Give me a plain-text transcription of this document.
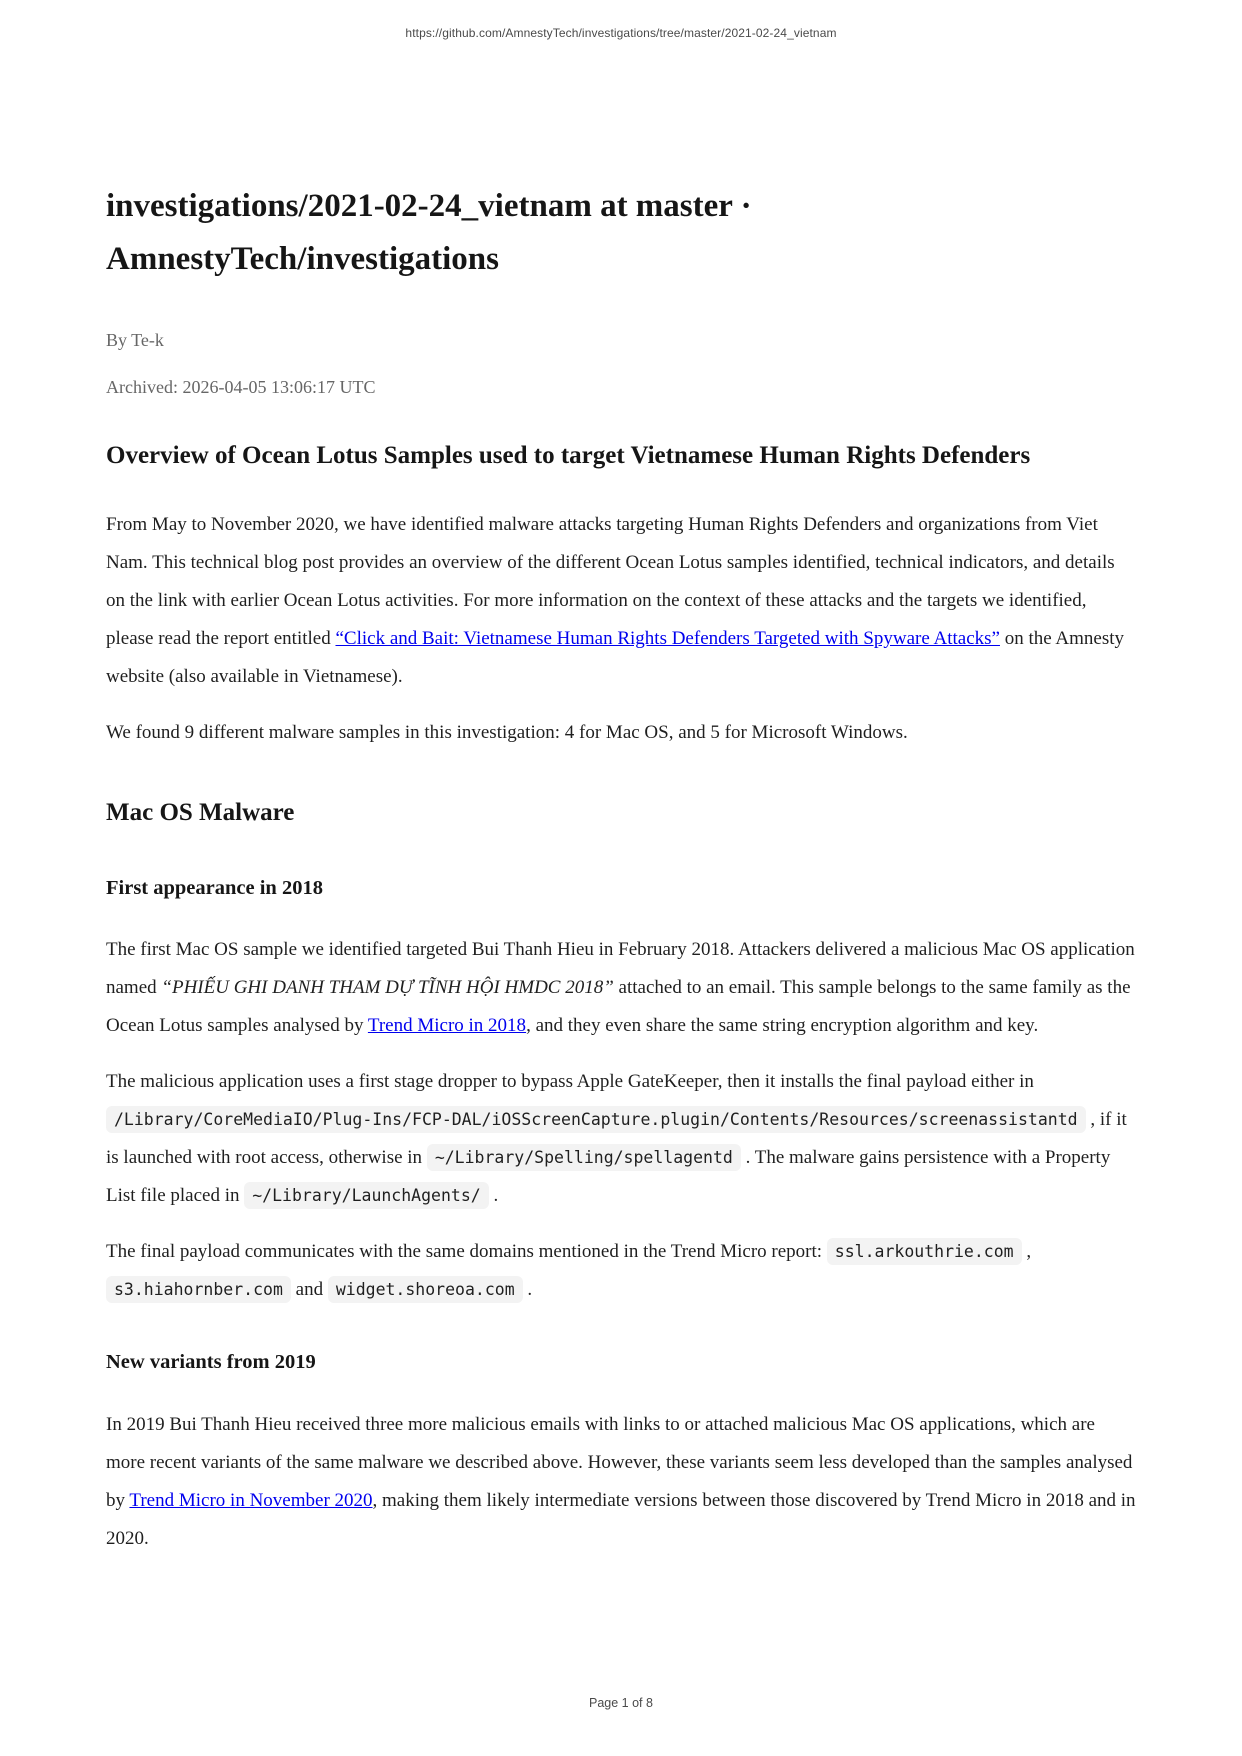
https://github.com/AmnestyTech/investigations/tree/master/2021-02-24_vietnam
investigations/2021-02-24_vietnam at master · AmnestyTech/investigations
By Te-k
Archived: 2026-04-05 13:06:17 UTC
Overview of Ocean Lotus Samples used to target Vietnamese Human Rights Defenders

From May to November 2020, we have identified malware attacks targeting Human Rights Defenders and organizations from Viet Nam. This technical blog post provides an overview of the different Ocean Lotus samples identified, technical indicators, and details on the link with earlier Ocean Lotus activities. For more information on the context of these attacks and the targets we identified, please read the report entitled “Click and Bait: Vietnamese Human Rights Defenders Targeted with Spyware Attacks” on the Amnesty website (also available in Vietnamese).

We found 9 different malware samples in this investigation: 4 for Mac OS, and 5 for Microsoft Windows.

Mac OS Malware
First appearance in 2018

The first Mac OS sample we identified targeted Bui Thanh Hieu in February 2018. Attackers delivered a malicious Mac OS application named “PHIẾU GHI DANH THAM DỰ TĨNH HỘI HMDC 2018” attached to an email. This sample belongs to the same family as the Ocean Lotus samples analysed by Trend Micro in 2018, and they even share the same string encryption algorithm and key.

The malicious application uses a first stage dropper to bypass Apple GateKeeper, then it installs the final payload either in /Library/CoreMediaIO/Plug-Ins/FCP-DAL/iOSScreenCapture.plugin/Contents/Resources/screenassistantd , if it is launched with root access, otherwise in ~/Library/Spelling/spellagentd . The malware gains persistence with a Property List file placed in ~/Library/LaunchAgents/ .

The final payload communicates with the same domains mentioned in the Trend Micro report: ssl.arkouthrie.com , s3.hiahornber.com and widget.shoreoa.com .

New variants from 2019

In 2019 Bui Thanh Hieu received three more malicious emails with links to or attached malicious Mac OS applications, which are more recent variants of the same malware we described above. However, these variants seem less developed than the samples analysed by Trend Micro in November 2020, making them likely intermediate versions between those discovered by Trend Micro in 2018 and in 2020.

Page 1 of 8
